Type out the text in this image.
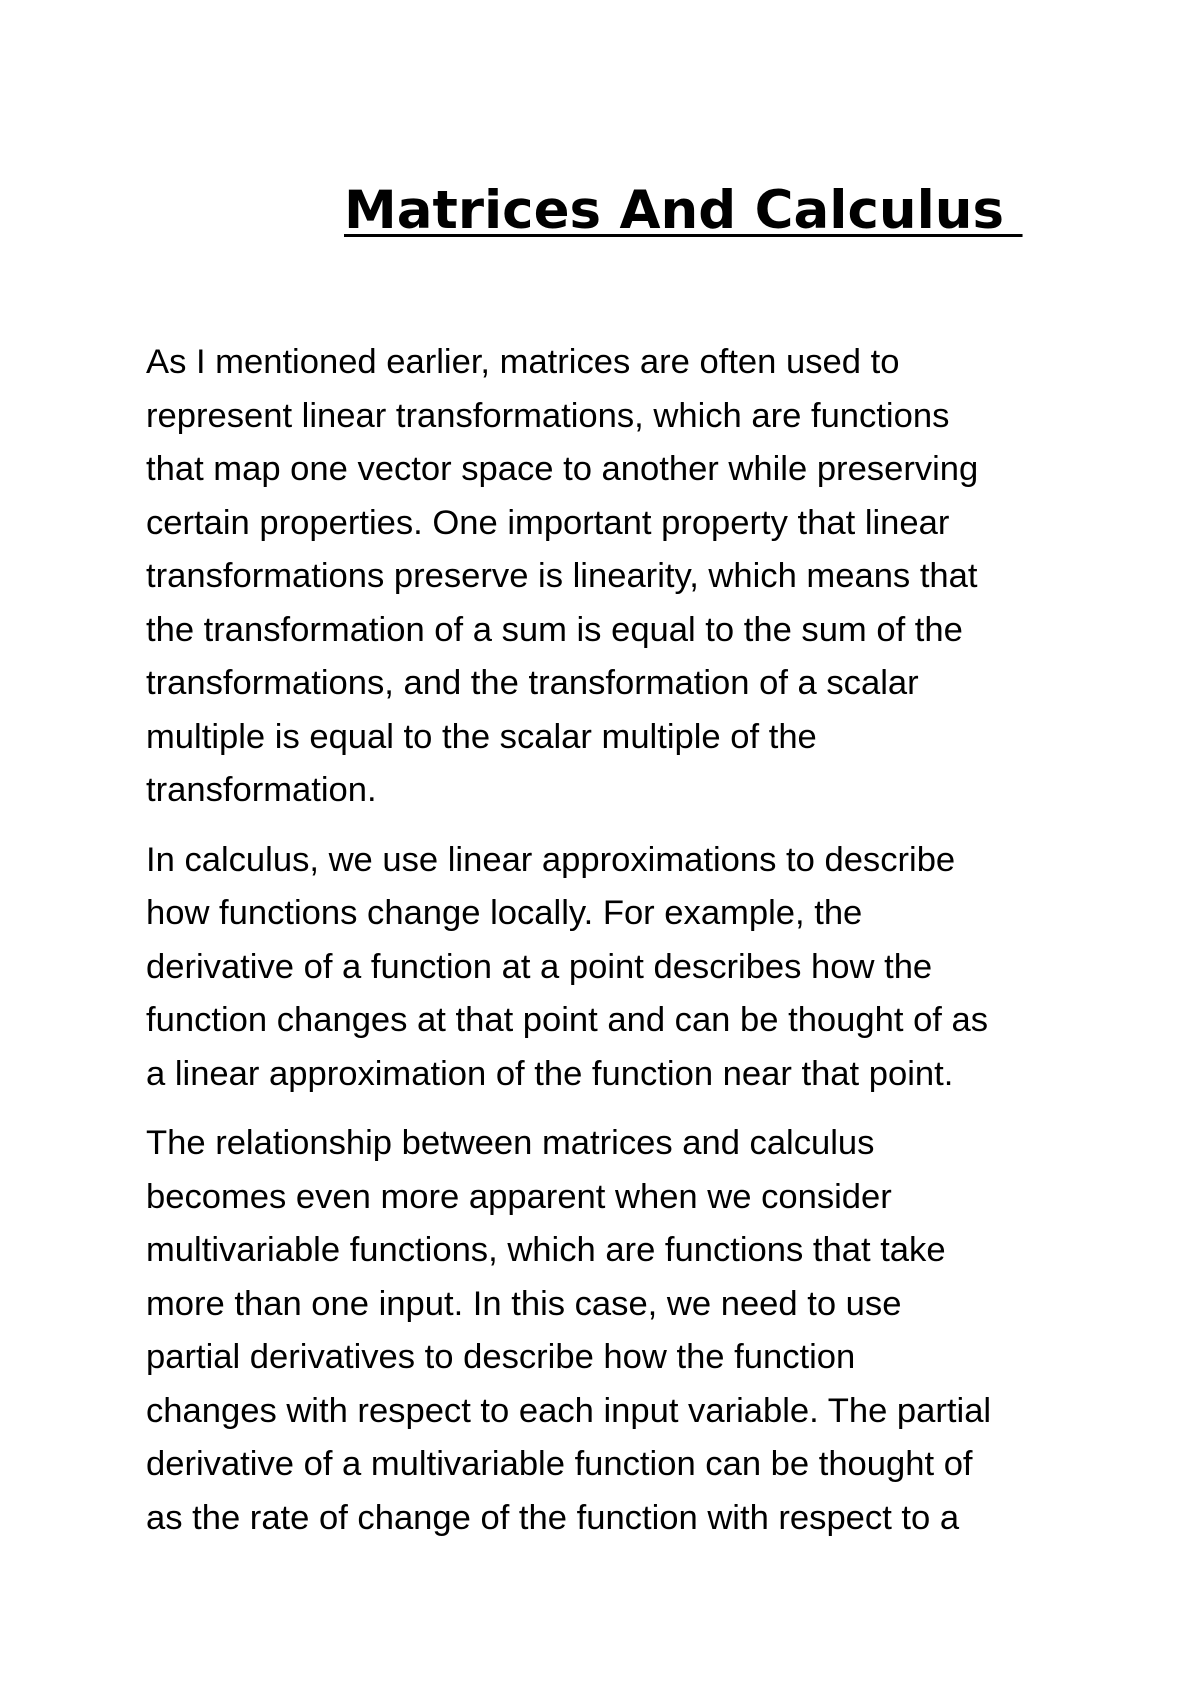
Matrices And Calculus

As I mentioned earlier, matrices are often used to
represent linear transformations, which are functions
that map one vector space to another while preserving
certain properties. One important property that linear
transformations preserve is linearity, which means that
the transformation of a sum is equal to the sum of the
transformations, and the transformation of a scalar
multiple is equal to the scalar multiple of the
transformation.

In calculus, we use linear approximations to describe
how functions change locally. For example, the
derivative of a function at a point describes how the
function changes at that point and can be thought of as
a linear approximation of the function near that point.

The relationship between matrices and calculus
becomes even more apparent when we consider
multivariable functions, which are functions that take
more than one input. In this case, we need to use
partial derivatives to describe how the function
changes with respect to each input variable. The partial
derivative of a multivariable function can be thought of
as the rate of change of the function with respect to a
